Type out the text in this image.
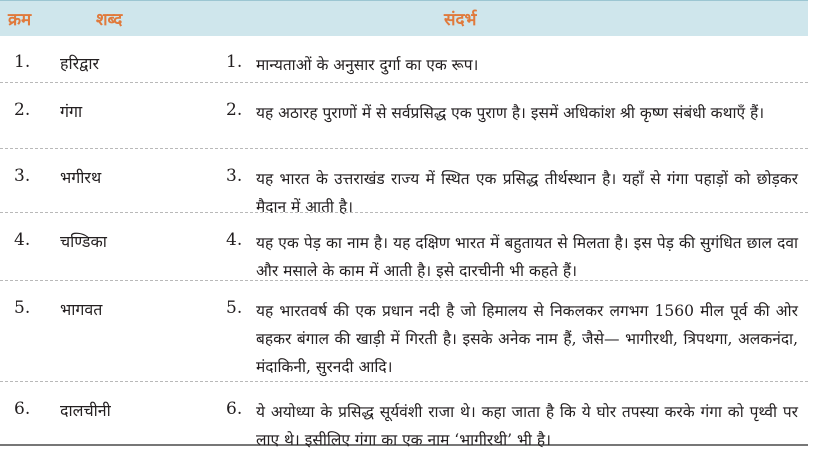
क्रम	शब्द	संदर्भ
1. हरिद्वार	1. मान्यताओं के अनुसार दुर्गा का एक रूप।
2. गंगा	2. यह अठारह पुराणों में से सर्वप्रसिद्ध एक पुराण है। इसमें अधिकांश श्री कृष्ण संबंधी कथाएँ हैं।
3. भगीरथ	3. यह भारत के उत्तराखंड राज्य में स्थित एक प्रसिद्ध तीर्थस्थान है। यहाँ से गंगा पहाड़ों को छोड़कर मैदान में आती है।
4. चण्डिका	4. यह एक पेड़ का नाम है। यह दक्षिण भारत में बहुतायत से मिलता है। इस पेड़ की सुगंधित छाल दवा और मसाले के काम में आती है। इसे दारचीनी भी कहते हैं।
5. भागवत	5. यह भारतवर्ष की एक प्रधान नदी है जो हिमालय से निकलकर लगभग 1560 मील पूर्व की ओर बहकर बंगाल की खाड़ी में गिरती है। इसके अनेक नाम हैं, जैसे— भागीरथी, त्रिपथगा, अलकनंदा, मंदाकिनी, सुरनदी आदि।
6. दालचीनी	6. ये अयोध्या के प्रसिद्ध सूर्यवंशी राजा थे। कहा जाता है कि ये घोर तपस्या करके गंगा को पृथ्वी पर लाए थे। इसीलिए गंगा का एक नाम ‘भागीरथी’ भी है।
